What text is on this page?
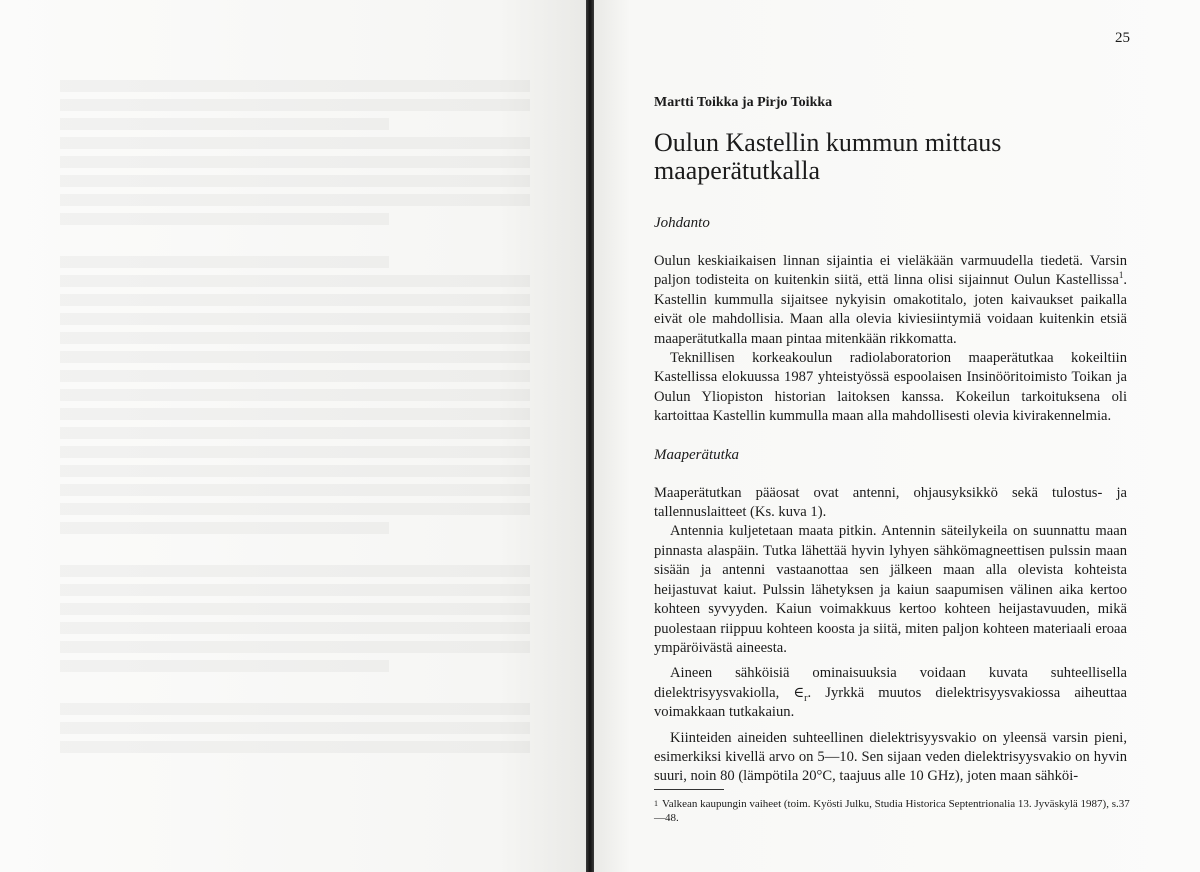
25

Martti Toikka ja Pirjo Toikka

Oulun Kastellin kummun mittaus
maaperätutkalla
Johdanto

Oulun keskiaikaisen linnan sijaintia ei vieläkään varmuudella tiedetä. Varsin paljon todisteita on kuitenkin siitä, että linna olisi sijainnut Oulun Kastellissa$^1$. Kastellin kummulla sijaitsee nykyisin omakotitalo, joten kaivaukset paikalla eivät ole mahdollisia. Maan alla olevia kiviesiintymiä voidaan kuitenkin etsiä maaperätutkalla maan pintaa mitenkään rikkomatta.

Teknillisen korkeakoulun radiolaboratorion maaperätutkaa kokeiltiin Kastellissa elokuussa 1987 yhteistyössä espoolaisen Insinööritoimisto Toikan ja Oulun Yliopiston historian laitoksen kanssa. Kokeilun tarkoituksena oli kartoittaa Kastellin kummulla maan alla mahdollisesti olevia kivirakennelmia.

Maaperätutka

Maaperätutkan pääosat ovat antenni, ohjausyksikkö sekä tulostus- ja tallennuslaitteet (Ks. kuva 1).

Antennia kuljetetaan maata pitkin. Antennin säteilykeila on suunnattu maan pinnasta alaspäin. Tutka lähettää hyvin lyhyen sähkömagneettisen pulssin maan sisään ja antenni vastaanottaa sen jälkeen maan alla olevista kohteista heijastuvat kaiut. Pulssin lähetyksen ja kaiun saapumisen välinen aika kertoo kohteen syvyyden. Kaiun voimakkuus kertoo kohteen heijastavuuden, mikä puolestaan riippuu kohteen koosta ja siitä, miten paljon kohteen materiaali eroaa ympäröivästä aineesta.

Aineen sähköisiä ominaisuuksia voidaan kuvata suhteellisella dielektrisyysvakiolla, $\in_r$. Jyrkkä muutos dielektrisyysvakiossa aiheuttaa voimakkaan tutkakaiun.

Kiinteiden aineiden suhteellinen dielektrisyysvakio on yleensä varsin pieni, esimerkiksi kivellä arvo on 5—10. Sen sijaan veden dielektrisyysvakio on hyvin suuri, noin 80 (lämpötila 20°C, taajuus alle 10 GHz), joten maan sähköi-

$^1$ Valkean kaupungin vaiheet (toim. Kyösti Julku, Studia Historica Septentrionalia 13. Jyväskylä 1987), s.37—48.
